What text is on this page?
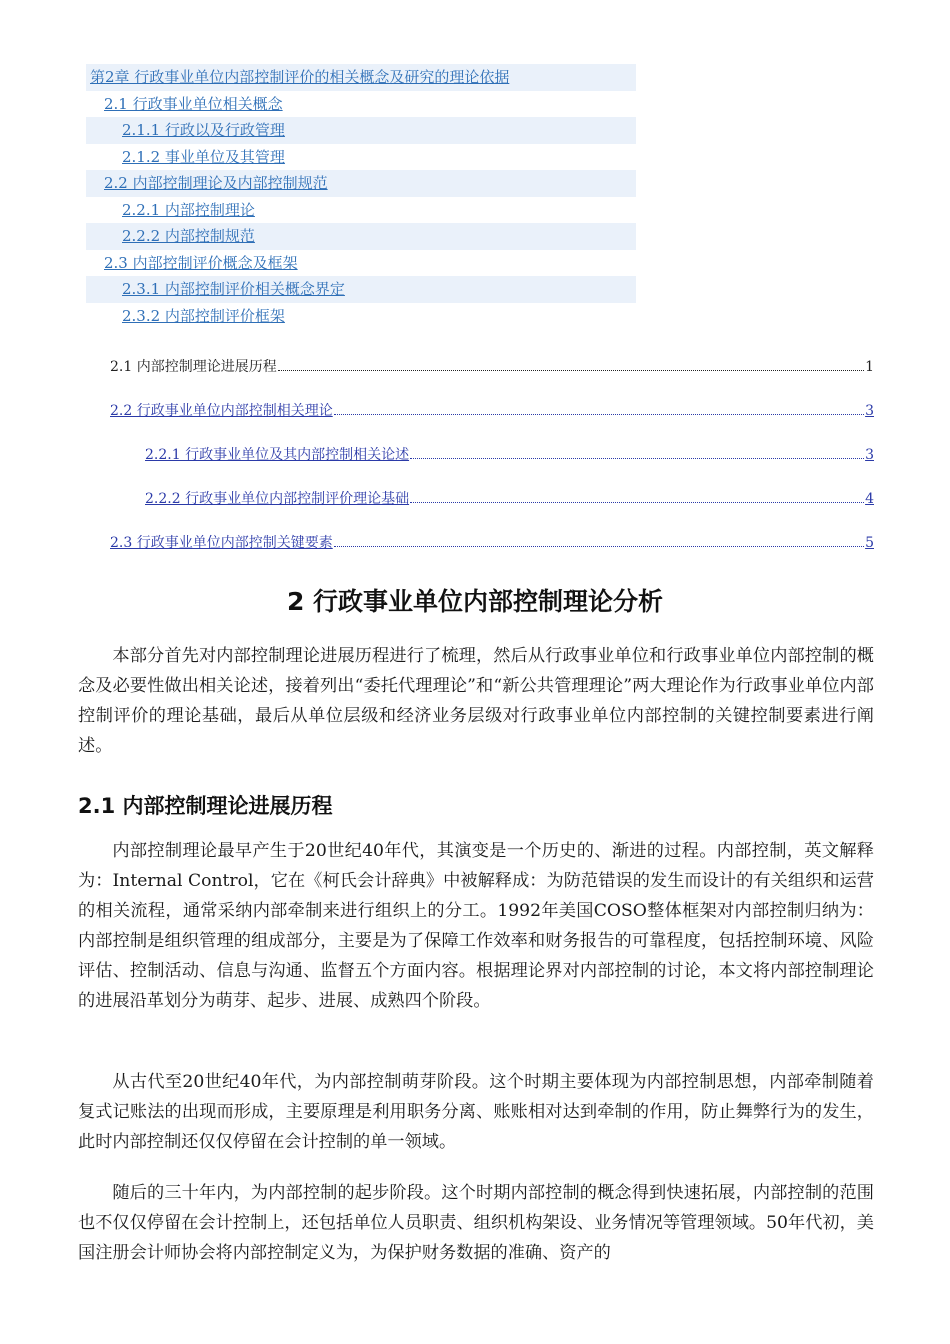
第2章 行政事业单位内部控制评价的相关概念及研究的理论依据
2.1 行政事业单位相关概念
2.1.1 行政以及行政管理
2.1.2 事业单位及其管理
2.2 内部控制理论及内部控制规范
2.2.1 内部控制理论
2.2.2 内部控制规范
2.3 内部控制评价概念及框架
2.3.1 内部控制评价相关概念界定
2.3.2 内部控制评价框架
2.1 内部控制理论进展历程	1
2.2 行政事业单位内部控制相关理论	3
2.2.1 行政事业单位及其内部控制相关论述	3
2.2.2 行政事业单位内部控制评价理论基础	4
2.3 行政事业单位内部控制关键要素	5
2 行政事业单位内部控制理论分析
本部分首先对内部控制理论进展历程进行了梳理，然后从行政事业单位和行政事业单位内部控制的概念及必要性做出相关论述，接着列出“委托代理理论”和“新公共管理理论”两大理论作为行政事业单位内部控制评价的理论基础，最后从单位层级和经济业务层级对行政事业单位内部控制的关键控制要素进行阐述。
2.1 内部控制理论进展历程
内部控制理论最早产生于20世纪40年代，其演变是一个历史的、渐进的过程。内部控制，英文解释为：Internal Control，它在《柯氏会计辞典》中被解释成：为防范错误的发生而设计的有关组织和运营的相关流程，通常采纳内部牵制来进行组织上的分工。1992年美国COSO整体框架对内部控制归纳为：内部控制是组织管理的组成部分，主要是为了保障工作效率和财务报告的可靠程度，包括控制环境、风险评估、控制活动、信息与沟通、监督五个方面内容。根据理论界对内部控制的讨论，本文将内部控制理论的进展沿革划分为萌芽、起步、进展、成熟四个阶段。
从古代至20世纪40年代，为内部控制萌芽阶段。这个时期主要体现为内部控制思想，内部牵制随着复式记账法的出现而形成，主要原理是利用职务分离、账账相对达到牵制的作用，防止舞弊行为的发生，此时内部控制还仅仅停留在会计控制的单一领域。
随后的三十年内，为内部控制的起步阶段。这个时期内部控制的概念得到快速拓展，内部控制的范围也不仅仅停留在会计控制上，还包括单位人员职责、组织机构架设、业务情况等管理领域。50年代初，美国注册会计师协会将内部控制定义为，为保护财务数据的准确、资产的
